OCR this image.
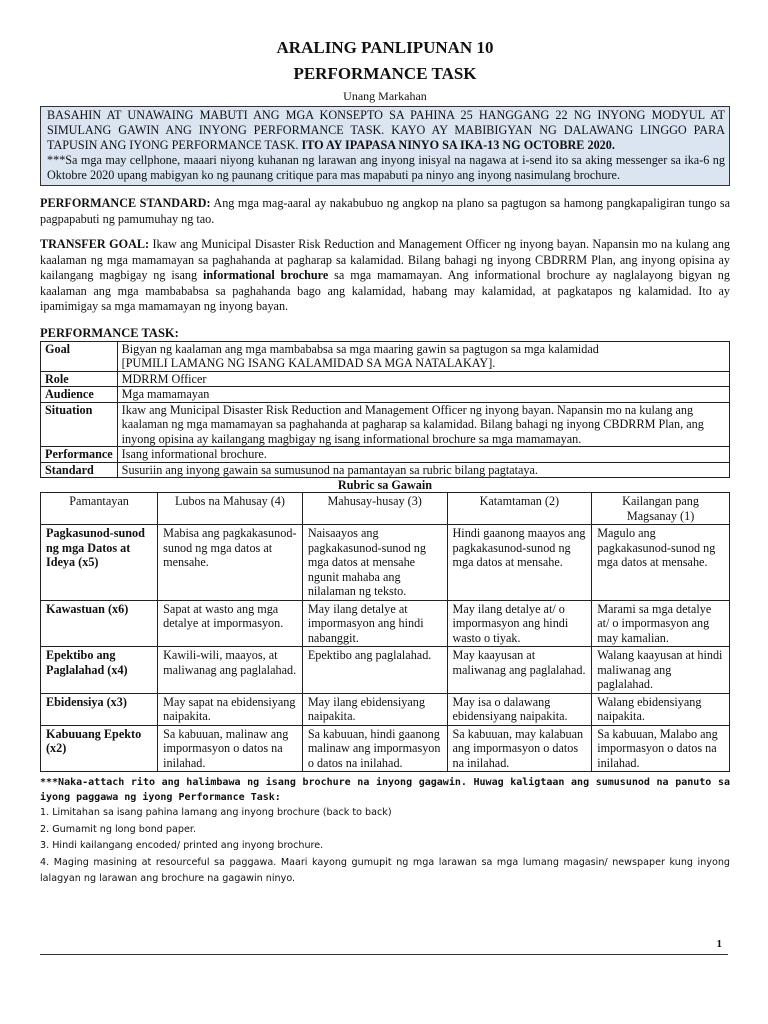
ARALING PANLIPUNAN 10
PERFORMANCE TASK
Unang Markahan
BASAHIN AT UNAWAING MABUTI ANG MGA KONSEPTO SA PAHINA 25 HANGGANG 22 NG INYONG MODYUL AT SIMULANG GAWIN ANG INYONG PERFORMANCE TASK. KAYO AY MABIBIGYAN NG DALAWANG LINGGO PARA TAPUSIN ANG IYONG PERFORMANCE TASK. ITO AY IPAPASA NINYO SA IKA-13 NG OCTOBRE 2020.
***Sa mga may cellphone, maaari niyong kuhanan ng larawan ang inyong inisyal na nagawa at i-send ito sa aking messenger sa ika-6 ng Oktobre 2020 upang mabigyan ko ng paunang critique para mas mapabuti pa ninyo ang inyong nasimulang brochure.
PERFORMANCE STANDARD: Ang mga mag-aaral ay nakabubuo ng angkop na plano sa pagtugon sa hamong pangkapaligiran tungo sa pagpapabuti ng pamumuhay ng tao.
TRANSFER GOAL: Ikaw ang Municipal Disaster Risk Reduction and Management Officer ng inyong bayan. Napansin mo na kulang ang kaalaman ng mga mamamayan sa paghahanda at pagharap sa kalamidad. Bilang bahagi ng inyong CBDRRM Plan, ang inyong opisina ay kailangang magbigay ng isang informational brochure sa mga mamamayan. Ang informational brochure ay naglalayong bigyan ng kaalaman ang mga mambababsa sa paghahanda bago ang kalamidad, habang may kalamidad, at pagkatapos ng kalamidad. Ito ay ipamimigay sa mga mamamayan ng inyong bayan.
PERFORMANCE TASK:
Goal	Bigyan ng kaalaman ang mga mambababsa sa mga maaring gawin sa pagtugon sa mga kalamidad
[PUMILI LAMANG NG ISANG KALAMIDAD SA MGA NATALAKAY].

Role	MDRRM Officer

Audience	Mga mamamayan

Situation	Ikaw ang Municipal Disaster Risk Reduction and Management Officer ng inyong bayan. Napansin mo na kulang ang kaalaman ng mga mamamayan sa paghahanda at pagharap sa kalamidad. Bilang bahagi ng inyong CBDRRM Plan, ang inyong opisina ay kailangang magbigay ng isang informational brochure sa mga mamamayan.

Performance	Isang informational brochure.

Standard	Susuriin ang inyong gawain sa sumusunod na pamantayan sa rubric bilang pagtataya.
Rubric sa Gawain
Pamantayan	Lubos na Mahusay (4)	Mahusay-husay (3)	Katamtaman (2)	Kailangan pang Magsanay (1)
Pagkasunod-sunod ng mga Datos at Ideya (x5)	Mabisa ang pagkakasunod-sunod ng mga datos at mensahe.	Naisaayos ang pagkakasunod-sunod ng mga datos at mensahe ngunit mahaba ang nilalaman ng teksto.	Hindi gaanong maayos ang pagkakasunod-sunod ng mga datos at mensahe.	Magulo ang pagkakasunod-sunod ng mga datos at mensahe.
Kawastuan (x6)	Sapat at wasto ang mga detalye at impormasyon.	May ilang detalye at impormasyon ang hindi nabanggit.	May ilang detalye at/ o impormasyon ang hindi wasto o tiyak.	Marami sa mga detalye at/ o impormasyon ang may kamalian.
Epektibo ang Paglalahad (x4)	Kawili-wili, maayos, at maliwanag ang paglalahad.	Epektibo ang paglalahad.	May kaayusan at maliwanag ang paglalahad.	Walang kaayusan at hindi maliwanag ang paglalahad.
Ebidensiya (x3)	May sapat na ebidensiyang naipakita.	May ilang ebidensiyang naipakita.	May isa o dalawang ebidensiyang naipakita.	Walang ebidensiyang naipakita.
Kabuuang Epekto (x2)	Sa kabuuan, malinaw ang impormasyon o datos na inilahad.	Sa kabuuan, hindi gaanong malinaw ang impormasyon o datos na inilahad.	Sa kabuuan, may kalabuan ang impormasyon o datos na inilahad.	Sa kabuuan, Malabo ang impormasyon o datos na inilahad.
***Naka-attach rito ang halimbawa ng isang brochure na inyong gagawin. Huwag kaligtaan ang sumusunod na panuto sa iyong paggawa ng iyong Performance Task:
1. Limitahan sa isang pahina lamang ang inyong brochure (back to back)
2. Gumamit ng long bond paper.
3. Hindi kailangang encoded/ printed ang inyong brochure.
4. Maging masining at resourceful sa paggawa. Maari kayong gumupit ng mga larawan sa mga lumang magasin/ newspaper kung inyong lalagyan ng larawan ang brochure na gagawin ninyo.
1
